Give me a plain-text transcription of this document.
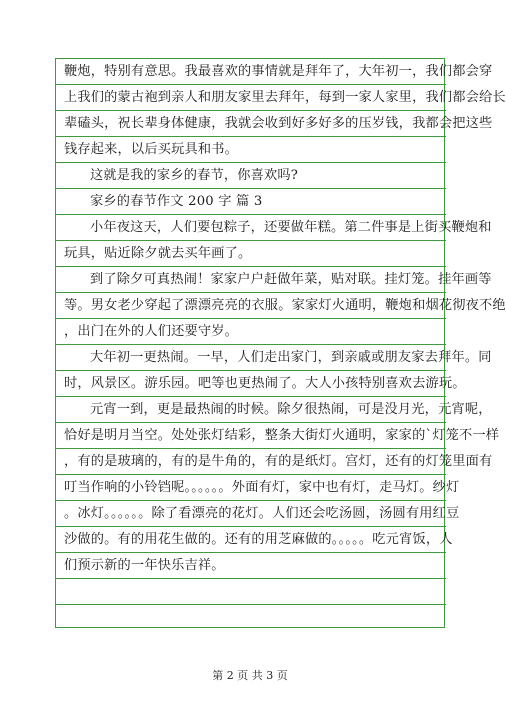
鞭炮，特别有意思。我最喜欢的事情就是拜年了，大年初一，我们都会穿
上我们的蒙古袍到亲人和朋友家里去拜年，每到一家人家里，我们都会给长
辈磕头，祝长辈身体健康，我就会收到好多好多的压岁钱，我都会把这些
钱存起来，以后买玩具和书。
这就是我的家乡的春节，你喜欢吗?
家乡的春节作文 200 字 篇 3
小年夜这天，人们要包粽子，还要做年糕。第二件事是上街买鞭炮和
玩具，贴近除夕就去买年画了。
到了除夕可真热闹！家家户户赶做年菜，贴对联。挂灯笼。挂年画等
等。男女老少穿起了漂漂亮亮的衣服。家家灯火通明，鞭炮和烟花彻夜不绝
，出门在外的人们还要守岁。
大年初一更热闹。一早，人们走出家门，到亲戚或朋友家去拜年。同
时，风景区。游乐园。吧等也更热闹了。大人小孩特别喜欢去游玩。
元宵一到，更是最热闹的时候。除夕很热闹，可是没月光，元宵呢，
恰好是明月当空。处处张灯结彩，整条大街灯火通明，家家的`灯笼不一样
，有的是玻璃的，有的是牛角的，有的是纸灯。宫灯，还有的灯笼里面有
叮当作响的小铃铛呢。。。。。。外面有灯，家中也有灯，走马灯。纱灯
。冰灯。。。。。。除了看漂亮的花灯。人们还会吃汤圆，汤圆有用红豆
沙做的。有的用花生做的。还有的用芝麻做的。。。。。吃元宵饭，人
们预示新的一年快乐吉祥。
第 2 页 共 3 页
